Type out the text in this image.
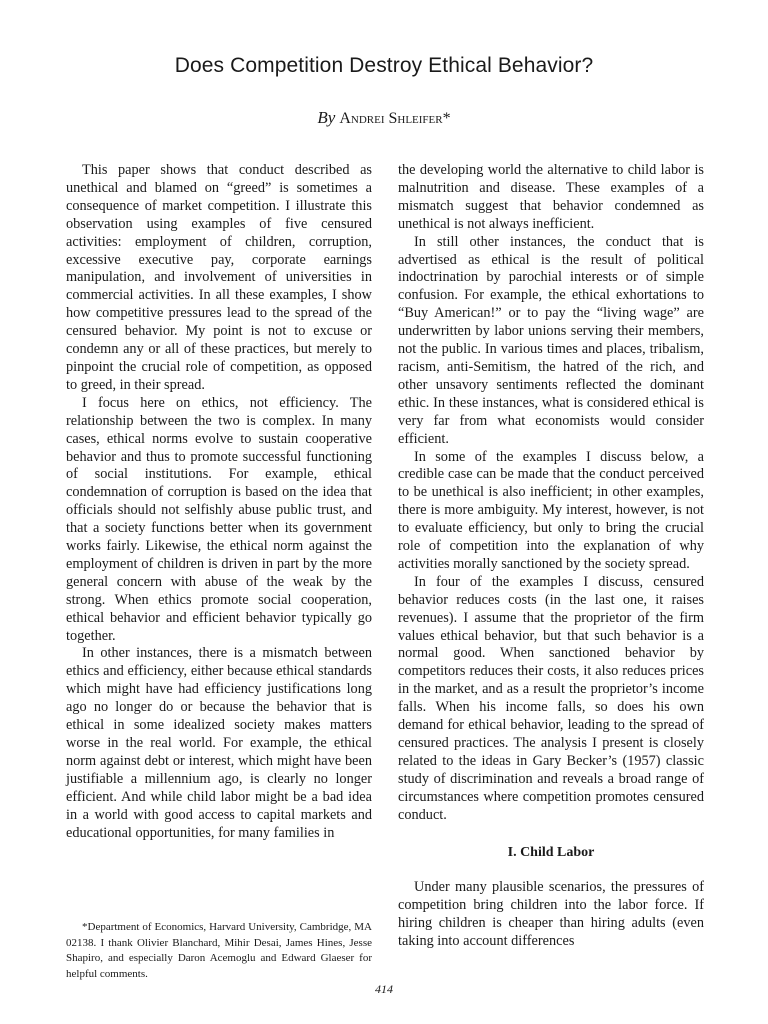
Does Competition Destroy Ethical Behavior?
By Andrei Shleifer*

This paper shows that conduct described as unethical and blamed on “greed” is sometimes a consequence of market competition. I illustrate this observation using examples of five censured activities: employment of children, corruption, excessive executive pay, corporate earnings manipulation, and involvement of universities in commercial activities. In all these examples, I show how competitive pressures lead to the spread of the censured behavior. My point is not to excuse or condemn any or all of these practices, but merely to pinpoint the crucial role of competition, as opposed to greed, in their spread.

I focus here on ethics, not efficiency. The relationship between the two is complex. In many cases, ethical norms evolve to sustain cooperative behavior and thus to promote successful functioning of social institutions. For example, ethical condemnation of corruption is based on the idea that officials should not selfishly abuse public trust, and that a society functions better when its government works fairly. Likewise, the ethical norm against the employment of children is driven in part by the more general concern with abuse of the weak by the strong. When ethics promote social cooperation, ethical behavior and efficient behavior typically go together.

In other instances, there is a mismatch between ethics and efficiency, either because ethical standards which might have had efficiency justifications long ago no longer do or because the behavior that is ethical in some idealized society makes matters worse in the real world. For example, the ethical norm against debt or interest, which might have been justifiable a millennium ago, is clearly no longer efficient. And while child labor might be a bad idea in a world with good access to capital markets and educational opportunities, for many families in

the developing world the alternative to child labor is malnutrition and disease. These examples of a mismatch suggest that behavior condemned as unethical is not always inefficient.

In still other instances, the conduct that is advertised as ethical is the result of political indoctrination by parochial interests or of simple confusion. For example, the ethical exhortations to “Buy American!” or to pay the “living wage” are underwritten by labor unions serving their members, not the public. In various times and places, tribalism, racism, anti-Semitism, the hatred of the rich, and other unsavory sentiments reflected the dominant ethic. In these instances, what is considered ethical is very far from what economists would consider efficient.

In some of the examples I discuss below, a credible case can be made that the conduct perceived to be unethical is also inefficient; in other examples, there is more ambiguity. My interest, however, is not to evaluate efficiency, but only to bring the crucial role of competition into the explanation of why activities morally sanctioned by the society spread.

In four of the examples I discuss, censured behavior reduces costs (in the last one, it raises revenues). I assume that the proprietor of the firm values ethical behavior, but that such behavior is a normal good. When sanctioned behavior by competitors reduces their costs, it also reduces prices in the market, and as a result the proprietor’s income falls. When his income falls, so does his own demand for ethical behavior, leading to the spread of censured practices. The analysis I present is closely related to the ideas in Gary Becker’s (1957) classic study of discrimination and reveals a broad range of circumstances where competition promotes censured conduct.

I. Child Labor

Under many plausible scenarios, the pressures of competition bring children into the labor force. If hiring children is cheaper than hiring adults (even taking into account differences

*Department of Economics, Harvard University, Cambridge, MA 02138. I thank Olivier Blanchard, Mihir Desai, James Hines, Jesse Shapiro, and especially Daron Acemoglu and Edward Glaeser for helpful comments.

414
